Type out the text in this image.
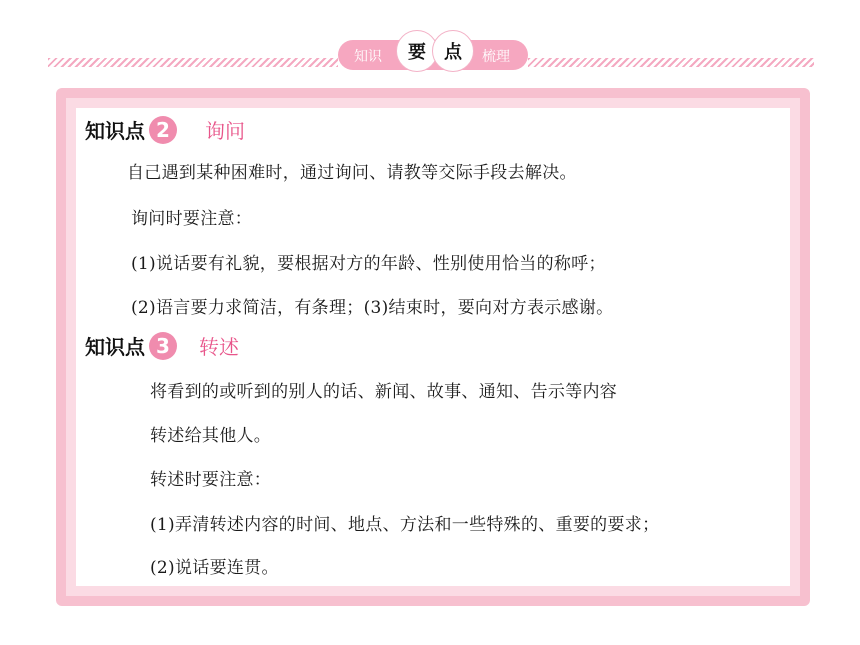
知识	要	点	梳理
知识点 2	询问
自己遇到某种困难时，通过询问、请教等交际手段去解决。
询问时要注意：
(1)说话要有礼貌，要根据对方的年龄、性别使用恰当的称呼；
(2)语言要力求简洁，有条理；(3)结束时，要向对方表示感谢。
知识点 3	转述
将看到的或听到的别人的话、新闻、故事、通知、告示等内容
转述给其他人。
转述时要注意：
(1)弄清转述内容的时间、地点、方法和一些特殊的、重要的要求；
(2)说话要连贯。
